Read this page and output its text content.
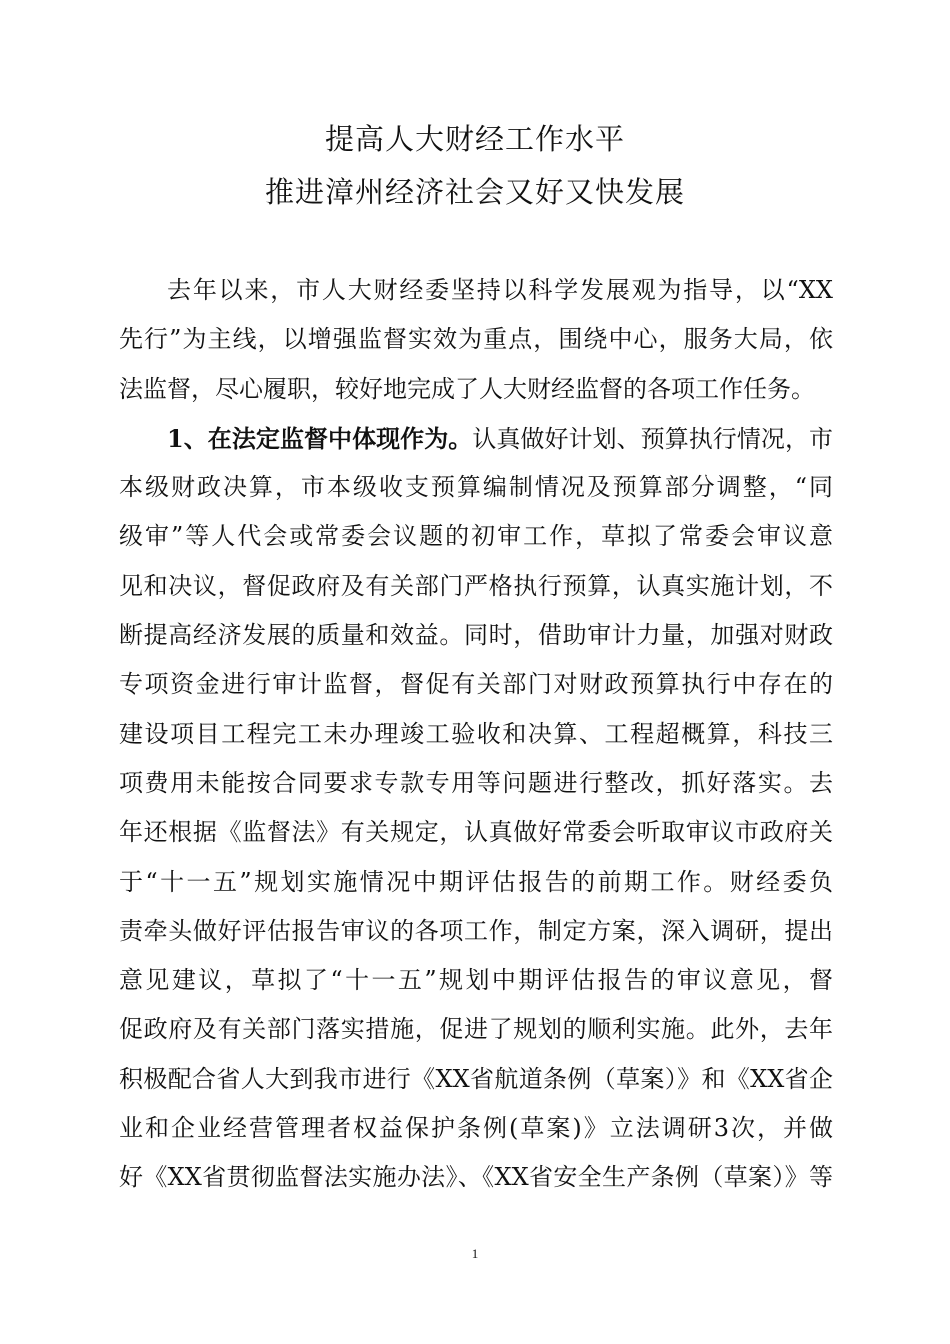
提高人大财经工作水平
推进漳州经济社会又好又快发展
去年以来，市人大财经委坚持以科学发展观为指导，以“XX
先行”为主线，以增强监督实效为重点，围绕中心，服务大局，依
法监督，尽心履职，较好地完成了人大财经监督的各项工作任务。
1、在法定监督中体现作为。认真做好计划、预算执行情况，市
本级财政决算，市本级收支预算编制情况及预算部分调整，“同
级审”等人代会或常委会议题的初审工作，草拟了常委会审议意
见和决议，督促政府及有关部门严格执行预算，认真实施计划，不
断提高经济发展的质量和效益。同时，借助审计力量，加强对财政
专项资金进行审计监督，督促有关部门对财政预算执行中存在的
建设项目工程完工未办理竣工验收和决算、工程超概算，科技三
项费用未能按合同要求专款专用等问题进行整改，抓好落实。去
年还根据《监督法》有关规定，认真做好常委会听取审议市政府关
于“十一五”规划实施情况中期评估报告的前期工作。财经委负
责牵头做好评估报告审议的各项工作，制定方案，深入调研，提出
意见建议，草拟了“十一五”规划中期评估报告的审议意见，督
促政府及有关部门落实措施，促进了规划的顺利实施。此外，去年
积极配合省人大到我市进行《XX省航道条例（草案）》和《XX省企
业和企业经营管理者权益保护条例(草案)》立法调研3次，并做
好《XX省贯彻监督法实施办法》、《XX省安全生产条例（草案）》等
1
